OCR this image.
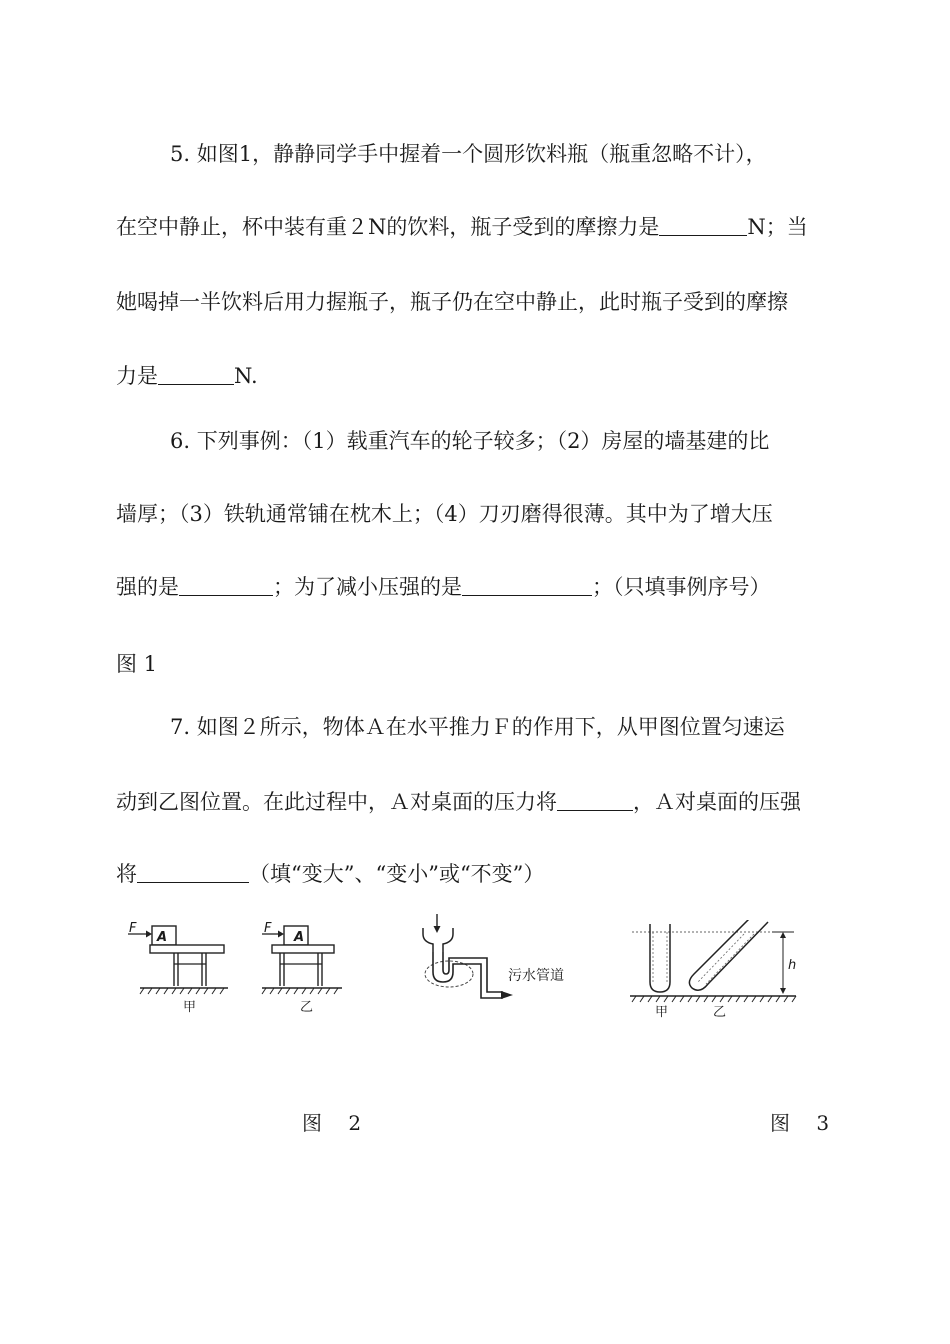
5. 如图1，静静同学手中握着一个圆形饮料瓶（瓶重忽略不计），
在空中静止，杯中装有重２N的饮料，瓶子受到的摩擦力是	N；当
她喝掉一半饮料后用力握瓶子，瓶子仍在空中静止，此时瓶子受到的摩擦
力是	N.
6. 下列事例：（1）载重汽车的轮子较多；（2）房屋的墙基建的比
墙厚；（3）铁轨通常铺在枕木上；（4）刀刃磨得很薄。其中为了增大压
强的是	；为了减小压强的是	；（只填事例序号）
图 1
7. 如图２所示，物体Ａ在水平推力Ｆ的作用下，从甲图位置匀速运
动到乙图位置。在此过程中，Ａ对桌面的压力将	，Ａ对桌面的压强
将	（填“变大”、“变小”或“不变”）
F
A
甲
F
A
乙
污水管道
h
甲	乙
图　 2	图　 3
